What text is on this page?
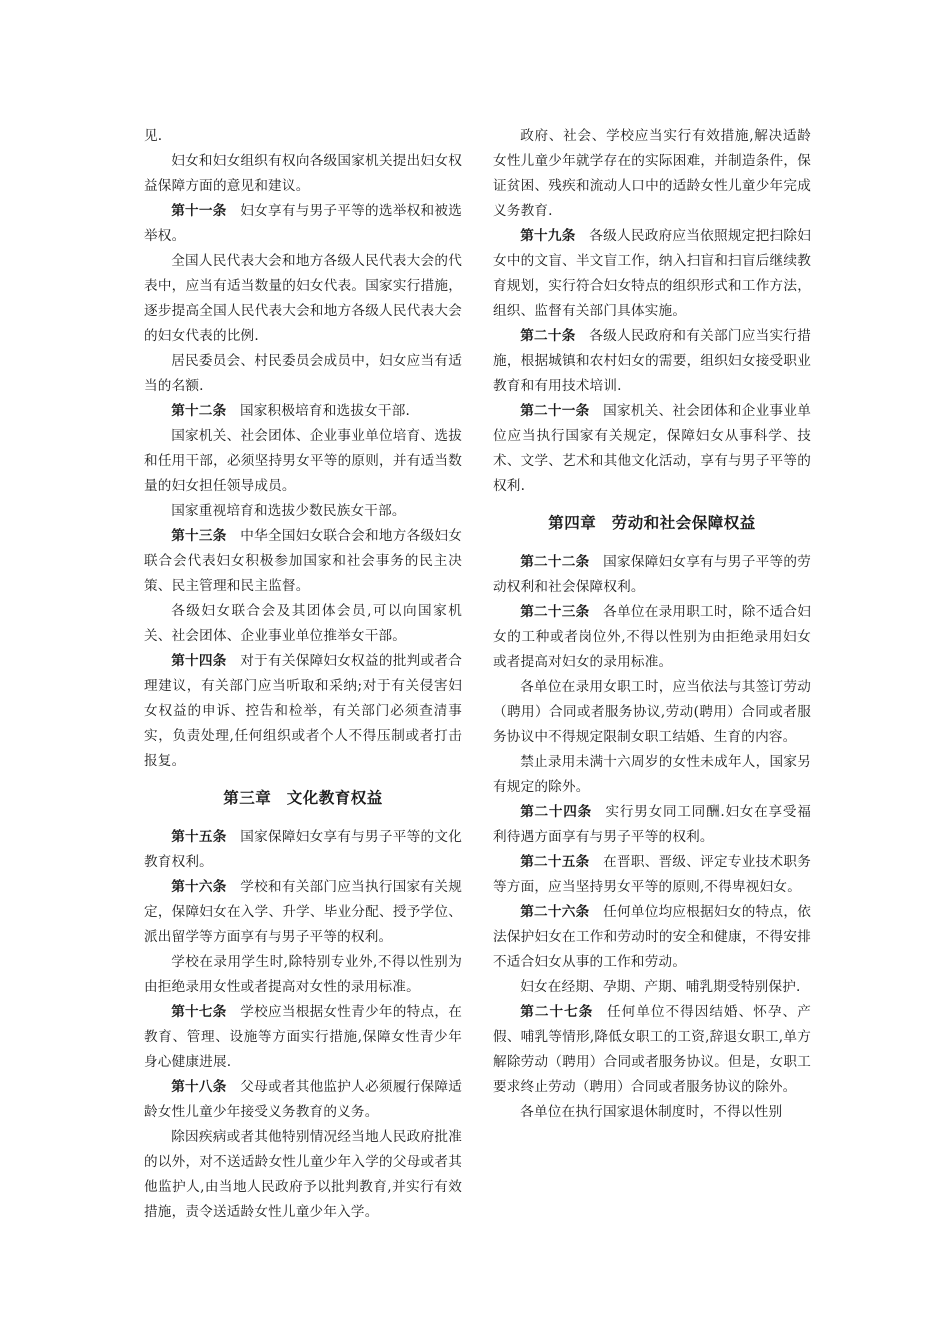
见.

妇女和妇女组织有权向各级国家机关提出妇女权益保障方面的意见和建议。

第十一条 妇女享有与男子平等的选举权和被选举权。

全国人民代表大会和地方各级人民代表大会的代表中，应当有适当数量的妇女代表。国家实行措施，逐步提高全国人民代表大会和地方各级人民代表大会的妇女代表的比例.

居民委员会、村民委员会成员中，妇女应当有适当的名额.

第十二条 国家积极培育和选拔女干部.

国家机关、社会团体、企业事业单位培育、选拔和任用干部，必须坚持男女平等的原则，并有适当数量的妇女担任领导成员。

国家重视培育和选拔少数民族女干部。

第十三条 中华全国妇女联合会和地方各级妇女联合会代表妇女积极参加国家和社会事务的民主决策、民主管理和民主监督。

各级妇女联合会及其团体会员,可以向国家机关、社会团体、企业事业单位推举女干部。

第十四条 对于有关保障妇女权益的批判或者合理建议，有关部门应当听取和采纳;对于有关侵害妇女权益的申诉、控告和检举，有关部门必须查清事实，负责处理,任何组织或者个人不得压制或者打击报复。

第三章 文化教育权益

第十五条 国家保障妇女享有与男子平等的文化教育权利。

第十六条 学校和有关部门应当执行国家有关规定，保障妇女在入学、升学、毕业分配、授予学位、派出留学等方面享有与男子平等的权利。

学校在录用学生时,除特别专业外,不得以性别为由拒绝录用女性或者提高对女性的录用标准。

第十七条 学校应当根据女性青少年的特点，在教育、管理、设施等方面实行措施,保障女性青少年身心健康进展.

第十八条 父母或者其他监护人必须履行保障适龄女性儿童少年接受义务教育的义务。

除因疾病或者其他特别情况经当地人民政府批准的以外，对不送适龄女性儿童少年入学的父母或者其他监护人,由当地人民政府予以批判教育,并实行有效措施，责令送适龄女性儿童少年入学。

政府、社会、学校应当实行有效措施,解决适龄女性儿童少年就学存在的实际困难，并制造条件，保证贫困、残疾和流动人口中的适龄女性儿童少年完成义务教育.

第十九条 各级人民政府应当依照规定把扫除妇女中的文盲、半文盲工作，纳入扫盲和扫盲后继续教育规划，实行符合妇女特点的组织形式和工作方法，组织、监督有关部门具体实施。

第二十条 各级人民政府和有关部门应当实行措施，根据城镇和农村妇女的需要，组织妇女接受职业教育和有用技术培训.

第二十一条 国家机关、社会团体和企业事业单位应当执行国家有关规定，保障妇女从事科学、技术、文学、艺术和其他文化活动，享有与男子平等的权利.

第四章 劳动和社会保障权益

第二十二条 国家保障妇女享有与男子平等的劳动权利和社会保障权利。

第二十三条 各单位在录用职工时，除不适合妇女的工种或者岗位外,不得以性别为由拒绝录用妇女或者提高对妇女的录用标准。

各单位在录用女职工时，应当依法与其签订劳动（聘用）合同或者服务协议,劳动(聘用）合同或者服务协议中不得规定限制女职工结婚、生育的内容。

禁止录用未满十六周岁的女性未成年人，国家另有规定的除外。

第二十四条 实行男女同工同酬.妇女在享受福利待遇方面享有与男子平等的权利。

第二十五条 在晋职、晋级、评定专业技术职务等方面，应当坚持男女平等的原则,不得卑视妇女。

第二十六条 任何单位均应根据妇女的特点，依法保护妇女在工作和劳动时的安全和健康，不得安排不适合妇女从事的工作和劳动。

妇女在经期、孕期、产期、哺乳期受特别保护.

第二十七条 任何单位不得因结婚、怀孕、产假、哺乳等情形,降低女职工的工资,辞退女职工,单方解除劳动（聘用）合同或者服务协议。但是，女职工要求终止劳动（聘用）合同或者服务协议的除外。

各单位在执行国家退休制度时，不得以性别
